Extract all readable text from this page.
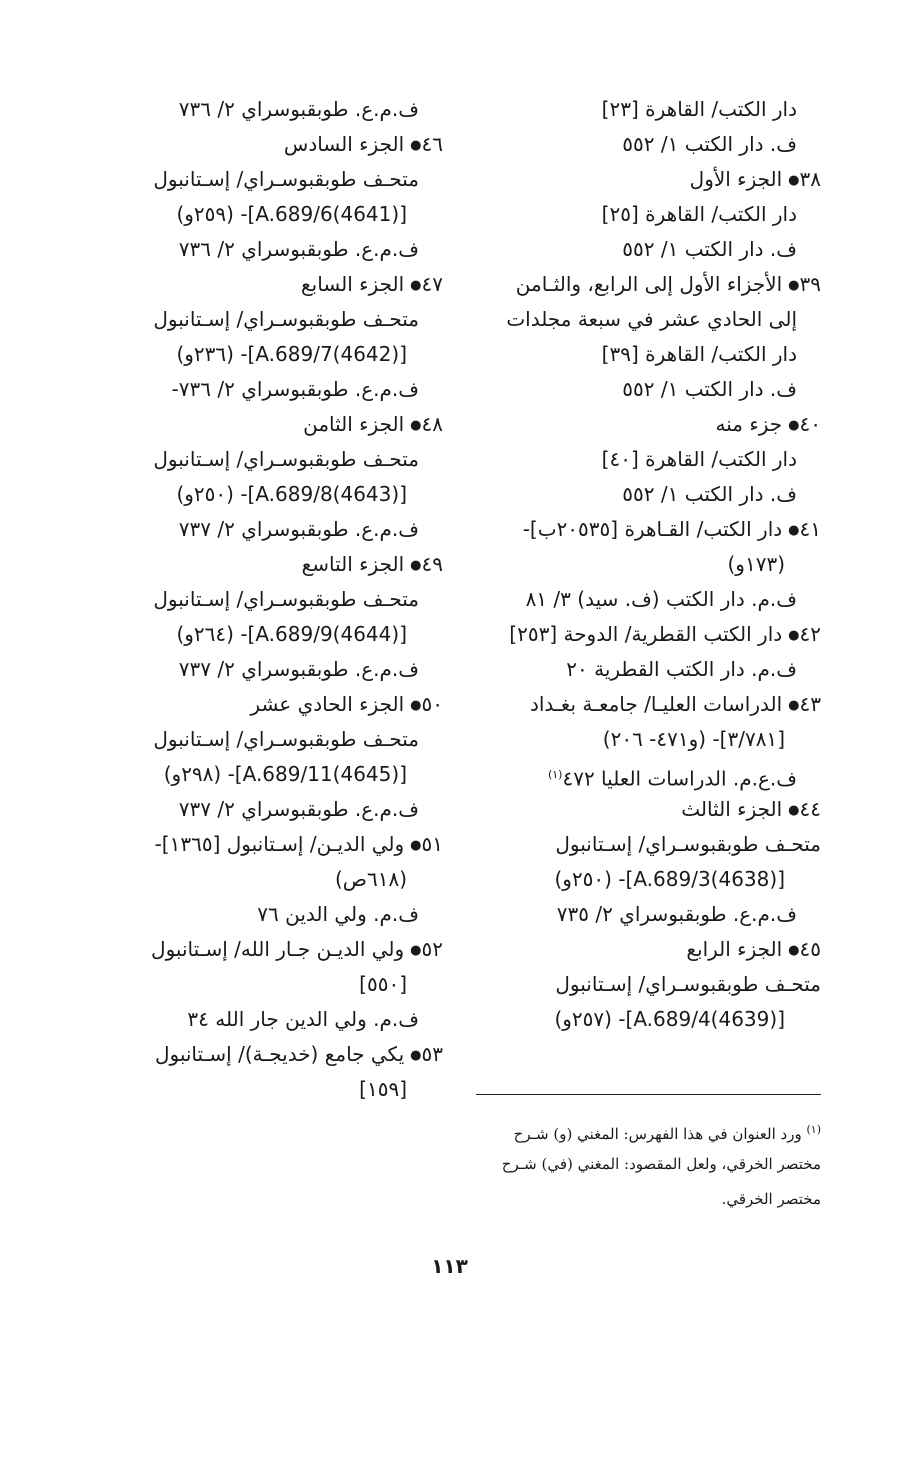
دار الكتب/ القاهرة [٢٣]
ف. دار الكتب ١/ ٥٥٢
٣٨●الجزء الأول
دار الكتب/ القاهرة [٢٥]
ف. دار الكتب ١/ ٥٥٢
٣٩●الأجزاء الأول إلى الرابع، والثـامن
إلى الحادي عشر في سبعة مجلدات
دار الكتب/ القاهرة [٣٩]
ف. دار الكتب ١/ ٥٥٢
٤٠●جزء منه
دار الكتب/ القاهرة [٤٠]
ف. دار الكتب ١/ ٥٥٢
٤١●دار الكتب/ القـاهرة [٢٠٥٣٥ب]-
(١٧٣و)
ف.م. دار الكتب (ف. سيد) ٣/ ٨١
٤٢●دار الكتب القطرية/ الدوحة [٢٥٣]
ف.م. دار الكتب القطرية ٢٠
٤٣●الدراسات العليـا/ جامعـة بغـداد
[٣/٧٨١]- (و٤٧١- ٢٠٦)
ف.ع.م. الدراسات العليا ٤٧٢$^{(١)}$
٤٤●الجزء الثالث
متحـف طوبقبوسـراي/ إسـتانبول
[(4638)A.689/3]- (٢٥٠و)
ف.م.ع. طوبقبوسراي ٢/ ٧٣٥
٤٥●الجزء الرابع
متحـف طوبقبوسـراي/ إسـتانبول
[(4639)A.689/4]- (٢٥٧و)
ف.م.ع. طوبقبوسراي ٢/ ٧٣٦
٤٦●الجزء السادس
متحـف طوبقبوسـراي/ إسـتانبول
[(4641)A.689/6]- (٢٥٩و)
ف.م.ع. طوبقبوسراي ٢/ ٧٣٦
٤٧●الجزء السابع
متحـف طوبقبوسـراي/ إسـتانبول
[(4642)A.689/7]- (٢٣٦و)
ف.م.ع. طوبقبوسراي ٢/ ٧٣٦-
٤٨●الجزء الثامن
متحـف طوبقبوسـراي/ إسـتانبول
[(4643)A.689/8]- (٢٥٠و)
ف.م.ع. طوبقبوسراي ٢/ ٧٣٧
٤٩●الجزء التاسع
متحـف طوبقبوسـراي/ إسـتانبول
[(4644)A.689/9]- (٢٦٤و)
ف.م.ع. طوبقبوسراي ٢/ ٧٣٧
٥٠●الجزء الحادي عشر
متحـف طوبقبوسـراي/ إسـتانبول
[(4645)A.689/11]- (٢٩٨و)
ف.م.ع. طوبقبوسراي ٢/ ٧٣٧
٥١●ولي الديـن/ إسـتانبول [١٣٦٥]-
(٦١٨ص)
ف.م. ولي الدين ٧٦
٥٢●ولي الديـن جـار الله/ إسـتانبول
[٥٥٠]
ف.م. ولي الدين جار الله ٣٤
٥٣●يكي جامع (خديجـة)/ إسـتانبول
[١٥٩]
$^{(١)}$ ورد العنوان في هذا الفهرس: المغني (و) شـرح
مختصر الخرقي، ولعل المقصود: المغني (في) شـرح
مختصر الخرقي.
١١٣
